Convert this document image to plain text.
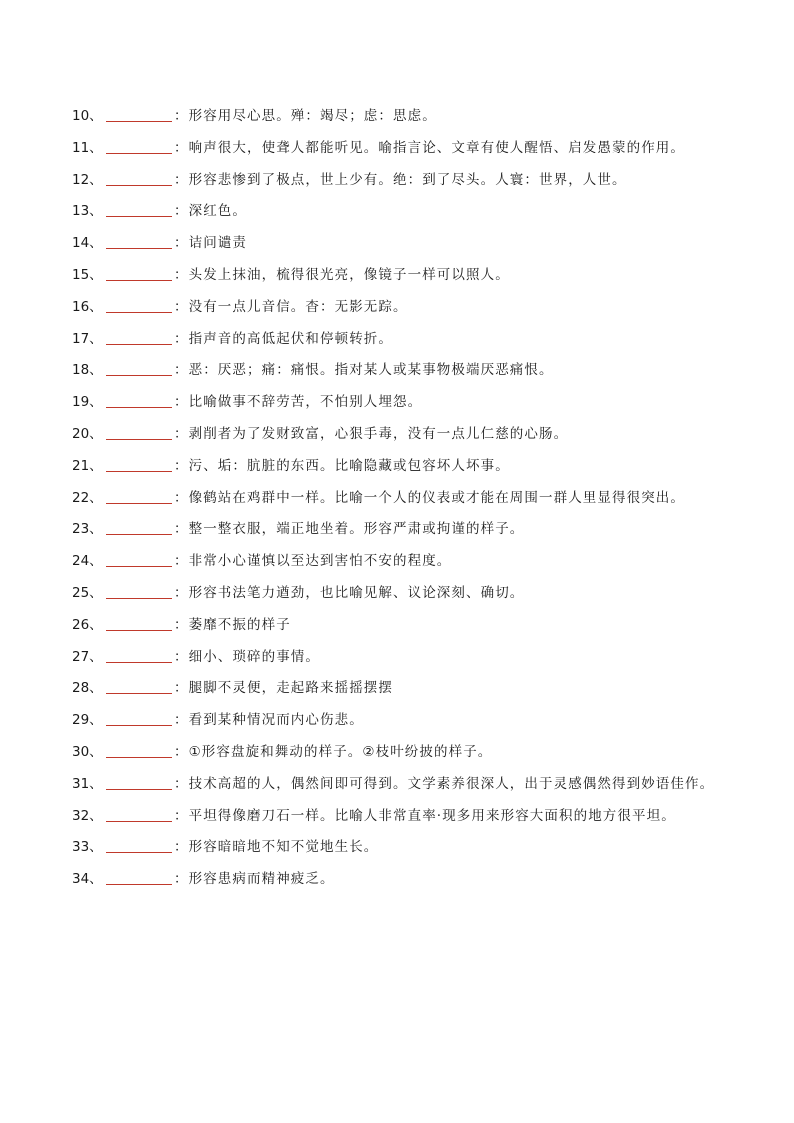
10、	：形容用尽心思。殚：竭尽；虑：思虑。
11、	：响声很大，使聋人都能听见。喻指言论、文章有使人醒悟、启发愚蒙的作用。
12、	：形容悲惨到了极点，世上少有。绝：到了尽头。人寰：世界，人世。
13、	：深红色。
14、	：诘问谴责
15、	：头发上抹油，梳得很光亮，像镜子一样可以照人。
16、	：没有一点儿音信。杳：无影无踪。
17、	：指声音的高低起伏和停顿转折。
18、	：恶：厌恶；痛：痛恨。指对某人或某事物极端厌恶痛恨。
19、	：比喻做事不辞劳苦，不怕别人埋怨。
20、	：剥削者为了发财致富，心狠手毒，没有一点儿仁慈的心肠。
21、	：污、垢：肮脏的东西。比喻隐藏或包容坏人坏事。
22、	：像鹤站在鸡群中一样。比喻一个人的仪表或才能在周围一群人里显得很突出。
23、	：整一整衣服，端正地坐着。形容严肃或拘谨的样子。
24、	：非常小心谨慎以至达到害怕不安的程度。
25、	：形容书法笔力遒劲，也比喻见解、议论深刻、确切。
26、	：萎靡不振的样子
27、	：细小、琐碎的事情。
28、	：腿脚不灵便，走起路来摇摇摆摆
29、	：看到某种情况而内心伤悲。
30、	：①形容盘旋和舞动的样子。②枝叶纷披的样子。
31、	：技术高超的人，偶然间即可得到。文学素养很深人，出于灵感偶然得到妙语佳作。
32、	：平坦得像磨刀石一样。比喻人非常直率·现多用来形容大面积的地方很平坦。
33、	：形容暗暗地不知不觉地生长。
34、	：形容患病而精神疲乏。
